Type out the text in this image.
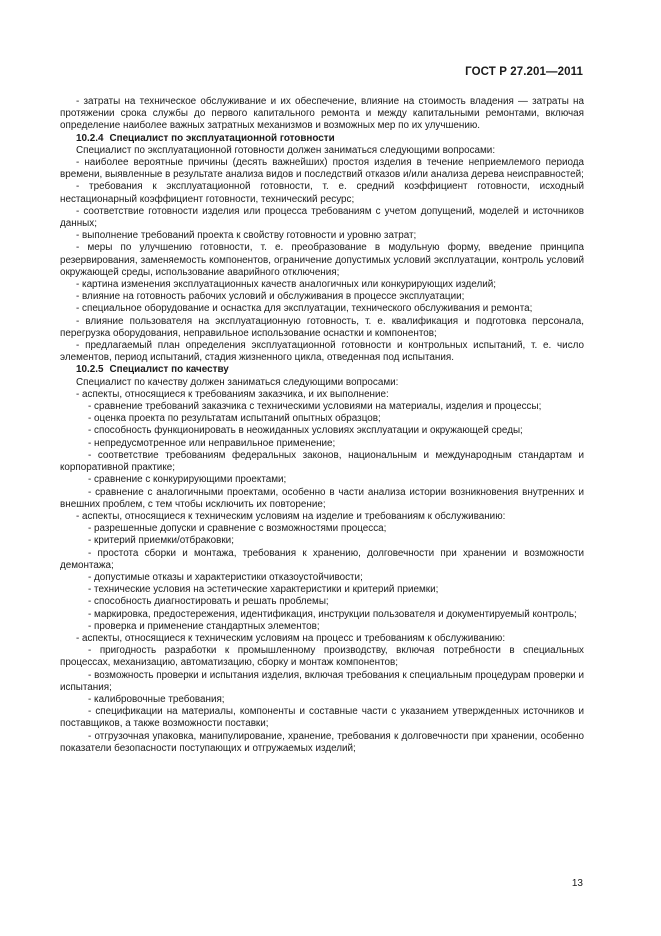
ГОСТ Р 27.201—2011

- затраты на техническое обслуживание и их обеспечение, влияние на стоимость владения — затраты на протяжении срока службы до первого капитального ремонта и между капитальными ремонтами, включая определение наиболее важных затратных механизмов и возможных мер по их улучшению.

10.2.4 Специалист по эксплуатационной готовности

Специалист по эксплуатационной готовности должен заниматься следующими вопросами:

- наиболее вероятные причины (десять важнейших) простоя изделия в течение неприемлемого периода времени, выявленные в результате анализа видов и последствий отказов и/или анализа дерева неисправностей;

- требования к эксплуатационной готовности, т. е. средний коэффициент готовности, исходный нестационарный коэффициент готовности, технический ресурс;

- соответствие готовности изделия или процесса требованиям с учетом допущений, моделей и источников данных;

- выполнение требований проекта к свойству готовности и уровню затрат;

- меры по улучшению готовности, т. е. преобразование в модульную форму, введение принципа резервирования, заменяемость компонентов, ограничение допустимых условий эксплуатации, контроль условий окружающей среды, использование аварийного отключения;

- картина изменения эксплуатационных качеств аналогичных или конкурирующих изделий;

- влияние на готовность рабочих условий и обслуживания в процессе эксплуатации;

- специальное оборудование и оснастка для эксплуатации, технического обслуживания и ремонта;

- влияние пользователя на эксплуатационную готовность, т. е. квалификация и подготовка персонала, перегрузка оборудования, неправильное использование оснастки и компонентов;

- предлагаемый план определения эксплуатационной готовности и контрольных испытаний, т. е. число элементов, период испытаний, стадия жизненного цикла, отведенная под испытания.

10.2.5 Специалист по качеству

Специалист по качеству должен заниматься следующими вопросами:

- аспекты, относящиеся к требованиям заказчика, и их выполнение:

- сравнение требований заказчика с техническими условиями на материалы, изделия и процессы;

- оценка проекта по результатам испытаний опытных образцов;

- способность функционировать в неожиданных условиях эксплуатации и окружающей среды;

- непредусмотренное или неправильное применение;

- соответствие требованиям федеральных законов, национальным и международным стандартам и корпоративной практике;

- сравнение с конкурирующими проектами;

- сравнение с аналогичными проектами, особенно в части анализа истории возникновения внутренних и внешних проблем, с тем чтобы исключить их повторение;

- аспекты, относящиеся к техническим условиям на изделие и требованиям к обслуживанию:

- разрешенные допуски и сравнение с возможностями процесса;

- критерий приемки/отбраковки;

- простота сборки и монтажа, требования к хранению, долговечности при хранении и возможности демонтажа;

- допустимые отказы и характеристики отказоустойчивости;

- технические условия на эстетические характеристики и критерий приемки;

- способность диагностировать и решать проблемы;

- маркировка, предостережения, идентификация, инструкции пользователя и документируемый контроль;

- проверка и применение стандартных элементов;

- аспекты, относящиеся к техническим условиям на процесс и требованиям к обслуживанию:

- пригодность разработки к промышленному производству, включая потребности в специальных процессах, механизацию, автоматизацию, сборку и монтаж компонентов;

- возможность проверки и испытания изделия, включая требования к специальным процедурам проверки и испытания;

- калибровочные требования;

- спецификации на материалы, компоненты и составные части с указанием утвержденных источников и поставщиков, а также возможности поставки;

- отгрузочная упаковка, манипулирование, хранение, требования к долговечности при хранении, особенно показатели безопасности поступающих и отгружаемых изделий;

13
